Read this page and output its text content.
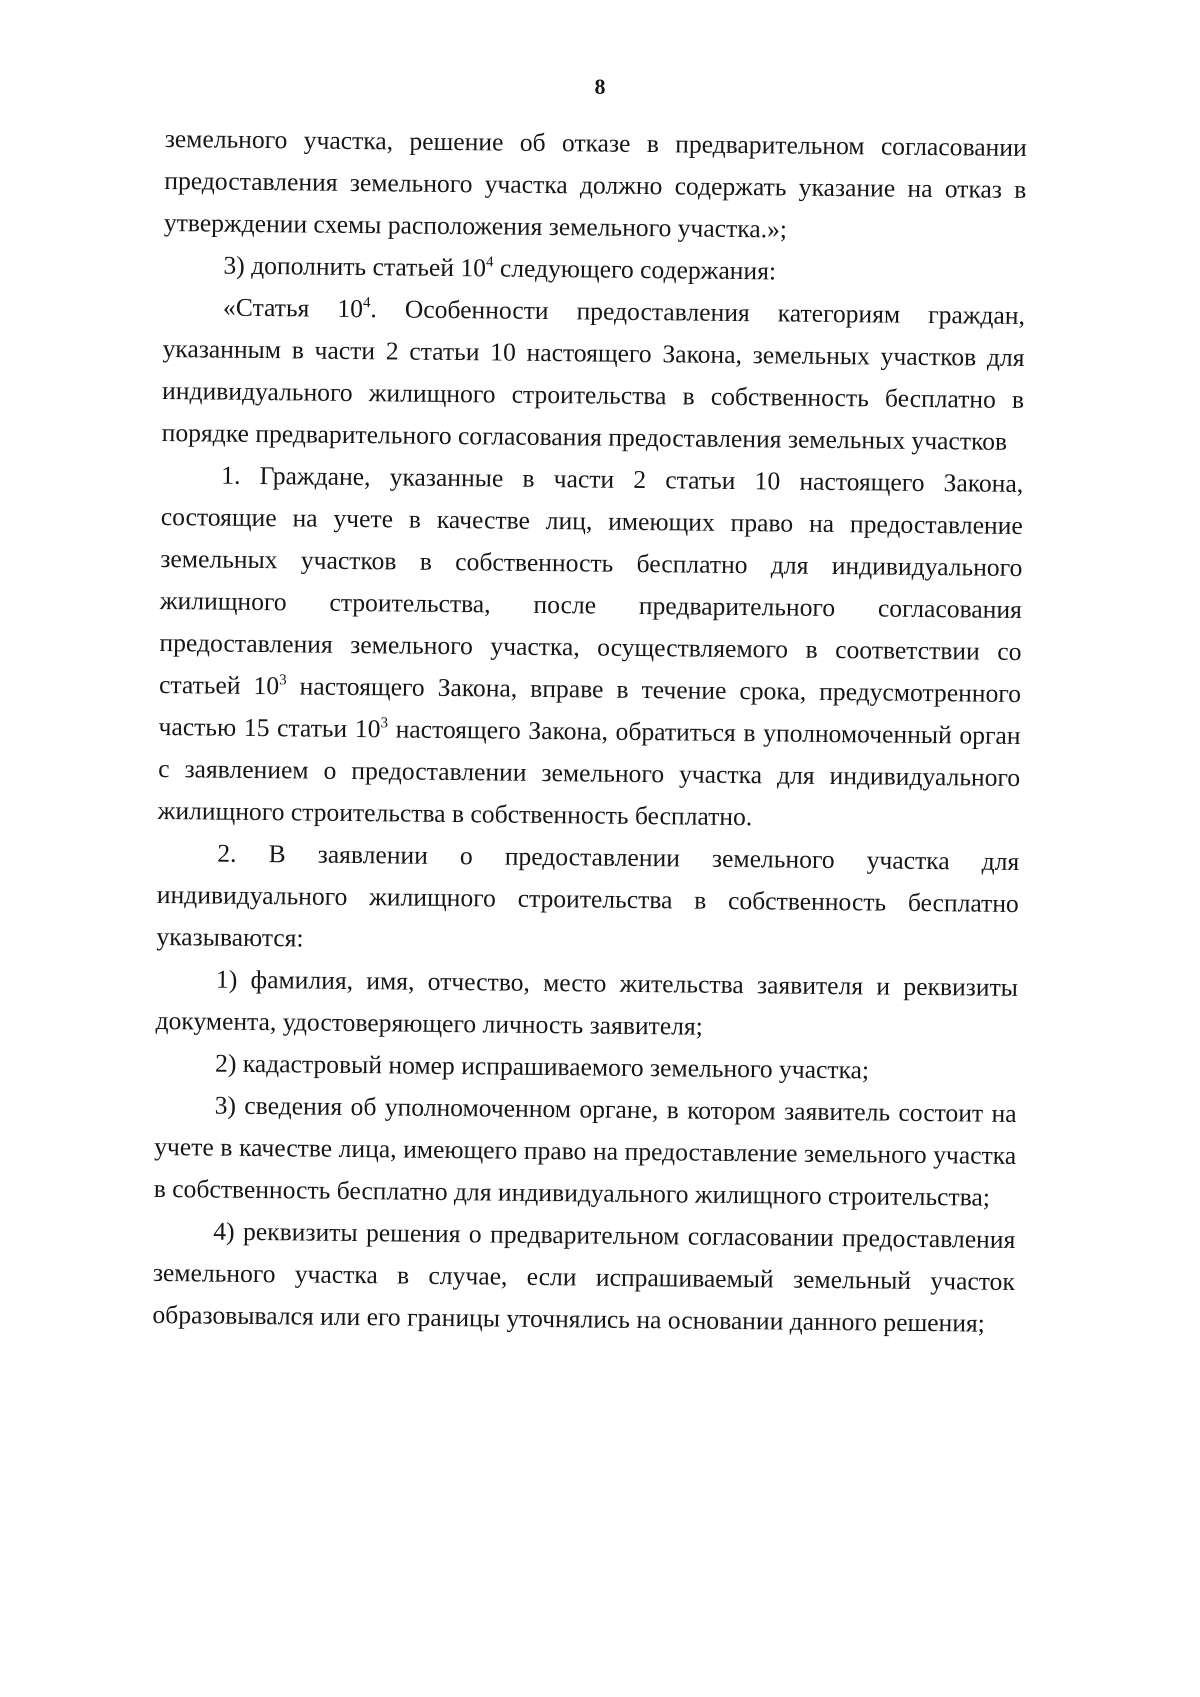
8

земельного участка, решение об отказе в предварительном согласовании предоставления земельного участка должно содержать указание на отказ в утверждении схемы расположения земельного участка.»;

3) дополнить статьей $10^4$ следующего содержания:

«Статья $10^4$. Особенности предоставления категориям граждан, указанным в части 2 статьи 10 настоящего Закона, земельных участков для индивидуального жилищного строительства в собственность бесплатно в порядке предварительного согласования предоставления земельных участков

1. Граждане, указанные в части 2 статьи 10 настоящего Закона, состоящие на учете в качестве лиц, имеющих право на предоставление земельных участков в собственность бесплатно для индивидуального жилищного строительства, после предварительного согласования предоставления земельного участка, осуществляемого в соответствии со статьей $10^3$ настоящего Закона, вправе в течение срока, предусмотренного частью 15 статьи $10^3$ настоящего Закона, обратиться в уполномоченный орган с заявлением о предоставлении земельного участка для индивидуального жилищного строительства в собственность бесплатно.

2. В заявлении о предоставлении земельного участка для индивидуального жилищного строительства в собственность бесплатно указываются:

1) фамилия, имя, отчество, место жительства заявителя и реквизиты документа, удостоверяющего личность заявителя;

2) кадастровый номер испрашиваемого земельного участка;

3) сведения об уполномоченном органе, в котором заявитель состоит на учете в качестве лица, имеющего право на предоставление земельного участка в собственность бесплатно для индивидуального жилищного строительства;

4) реквизиты решения о предварительном согласовании предоставления земельного участка в случае, если испрашиваемый земельный участок образовывался или его границы уточнялись на основании данного решения;
